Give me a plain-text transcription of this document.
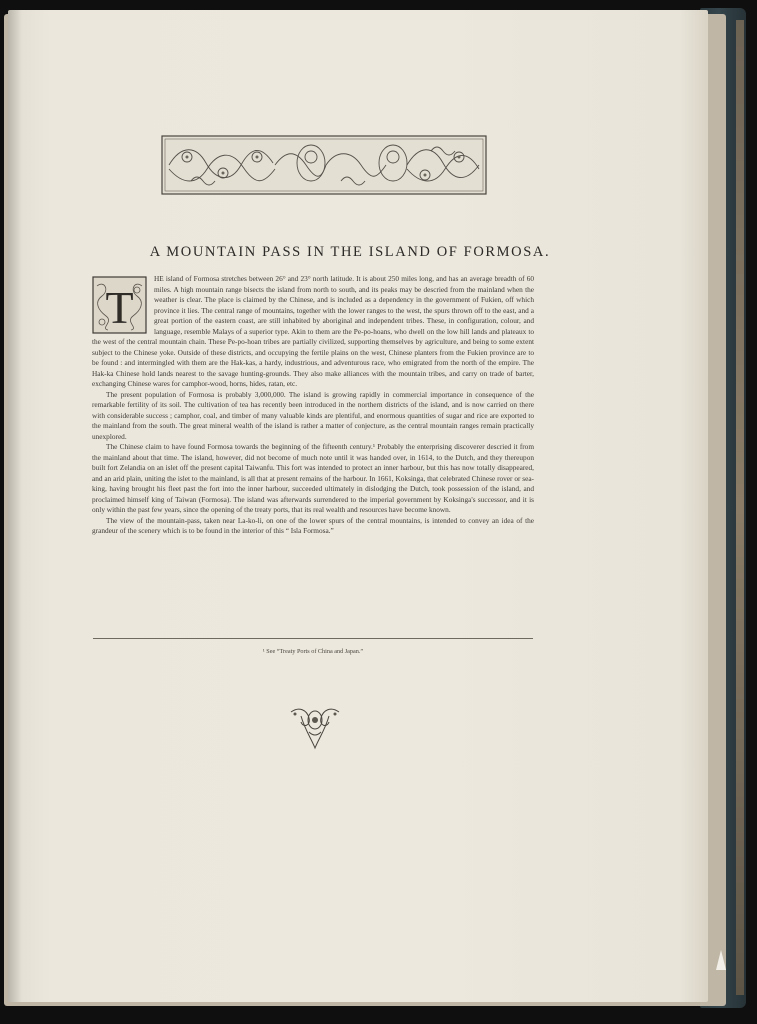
A MOUNTAIN PASS IN THE ISLAND OF FORMOSA.

T
HE island of Formosa stretches between 26° and 23° north latitude. It is about 250 miles long, and has an average breadth of 60 miles. A high mountain range bisects the island from north to south, and its peaks may be descried from the mainland when the weather is clear. The place is claimed by the Chinese, and is included as a dependency in the government of Fukien, off which province it lies. The central range of mountains, together with the lower ranges to the west, the spurs thrown off to the east, and a great portion of the eastern coast, are still inhabited by aboriginal and independent tribes. These, in configuration, colour, and language, resemble Malays of a superior type. Akin to them are the Pe-po-hoans, who dwell on the low hill lands and plateaux to the west of the central mountain chain. These Pe-po-hoan tribes are partially civilized, supporting themselves by agriculture, and being to some extent subject to the Chinese yoke. Outside of these districts, and occupying the fertile plains on the west, Chinese planters from the Fukien province are to be found : and intermingled with them are the Hak-kas, a hardy, industrious, and adventurous race, who emigrated from the north of the empire. The Hak-ka Chinese hold lands nearest to the savage hunting-grounds. They also make alliances with the mountain tribes, and carry on trade of barter, exchanging Chinese wares for camphor-wood, horns, hides, ratan, etc.

The present population of Formosa is probably 3,000,000. The island is growing rapidly in commercial importance in consequence of the remarkable fertility of its soil. The cultivation of tea has recently been introduced in the northern districts of the island, and is now carried on there with considerable success ; camphor, coal, and timber of many valuable kinds are plentiful, and enormous quantities of sugar and rice are exported to the mainland from the south. The great mineral wealth of the island is rather a matter of conjecture, as the central mountain ranges remain practically unexplored.

The Chinese claim to have found Formosa towards the beginning of the fifteenth century.¹ Probably the enterprising discoverer descried it from the mainland about that time. The island, however, did not become of much note until it was handed over, in 1614, to the Dutch, and they thereupon built fort Zelandia on an islet off the present capital Taiwanfu. This fort was intended to protect an inner harbour, but this has now totally disappeared, and an arid plain, uniting the islet to the mainland, is all that at present remains of the harbour. In 1661, Koksinga, that celebrated Chinese rover or sea-king, having brought his fleet past the fort into the inner harbour, succeeded ultimately in dislodging the Dutch, took possession of the island, and proclaimed himself king of Taiwan (Formosa). The island was afterwards surrendered to the imperial government by Koksinga's successor, and it is only within the past few years, since the opening of the treaty ports, that its real wealth and resources have become known.

The view of the mountain-pass, taken near La-ko-li, on one of the lower spurs of the central mountains, is intended to convey an idea of the grandeur of the scenery which is to be found in the interior of this “ Isla Formosa.”

¹ See “Treaty Ports of China and Japan.”
